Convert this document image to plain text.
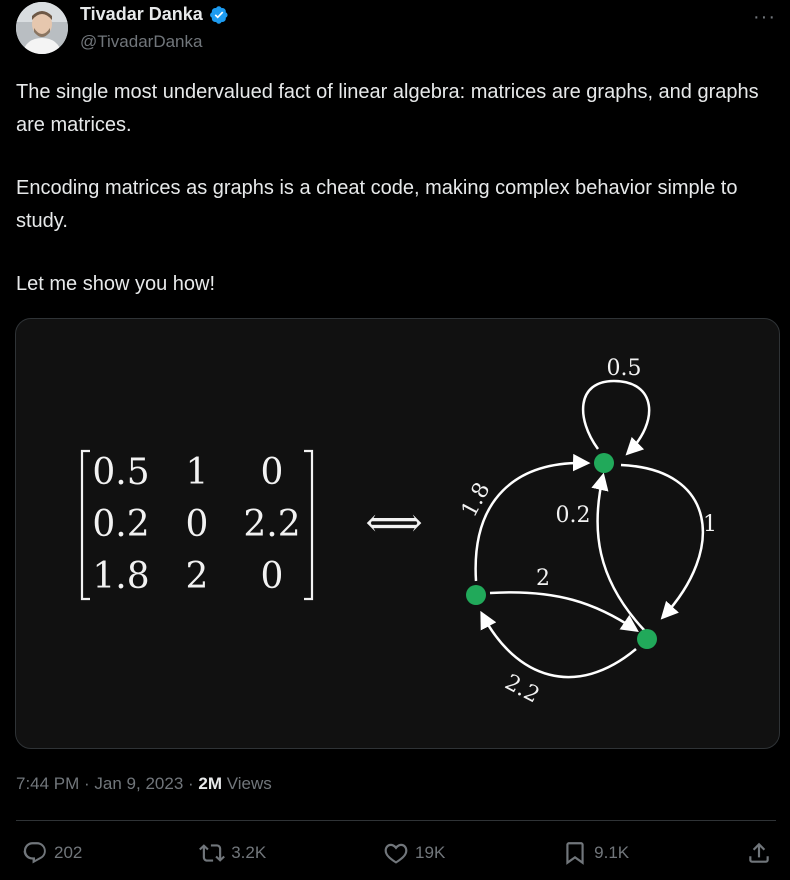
Tivadar Danka
@TivadarDanka
···

The single most undervalued fact of linear algebra: matrices are graphs, and graphs are matrices.

Encoding matrices as graphs is a cheat code, making complex behavior simple to study.

Let me show you how!

0.5 1 0
0.2 0 2.2
1.8 2 0
⟺
0.5
1
0.2
1.8
2
2.2
7:44 PM · Jan 9, 2023 · 2M Views
202	3.2K	19K	9.1K
